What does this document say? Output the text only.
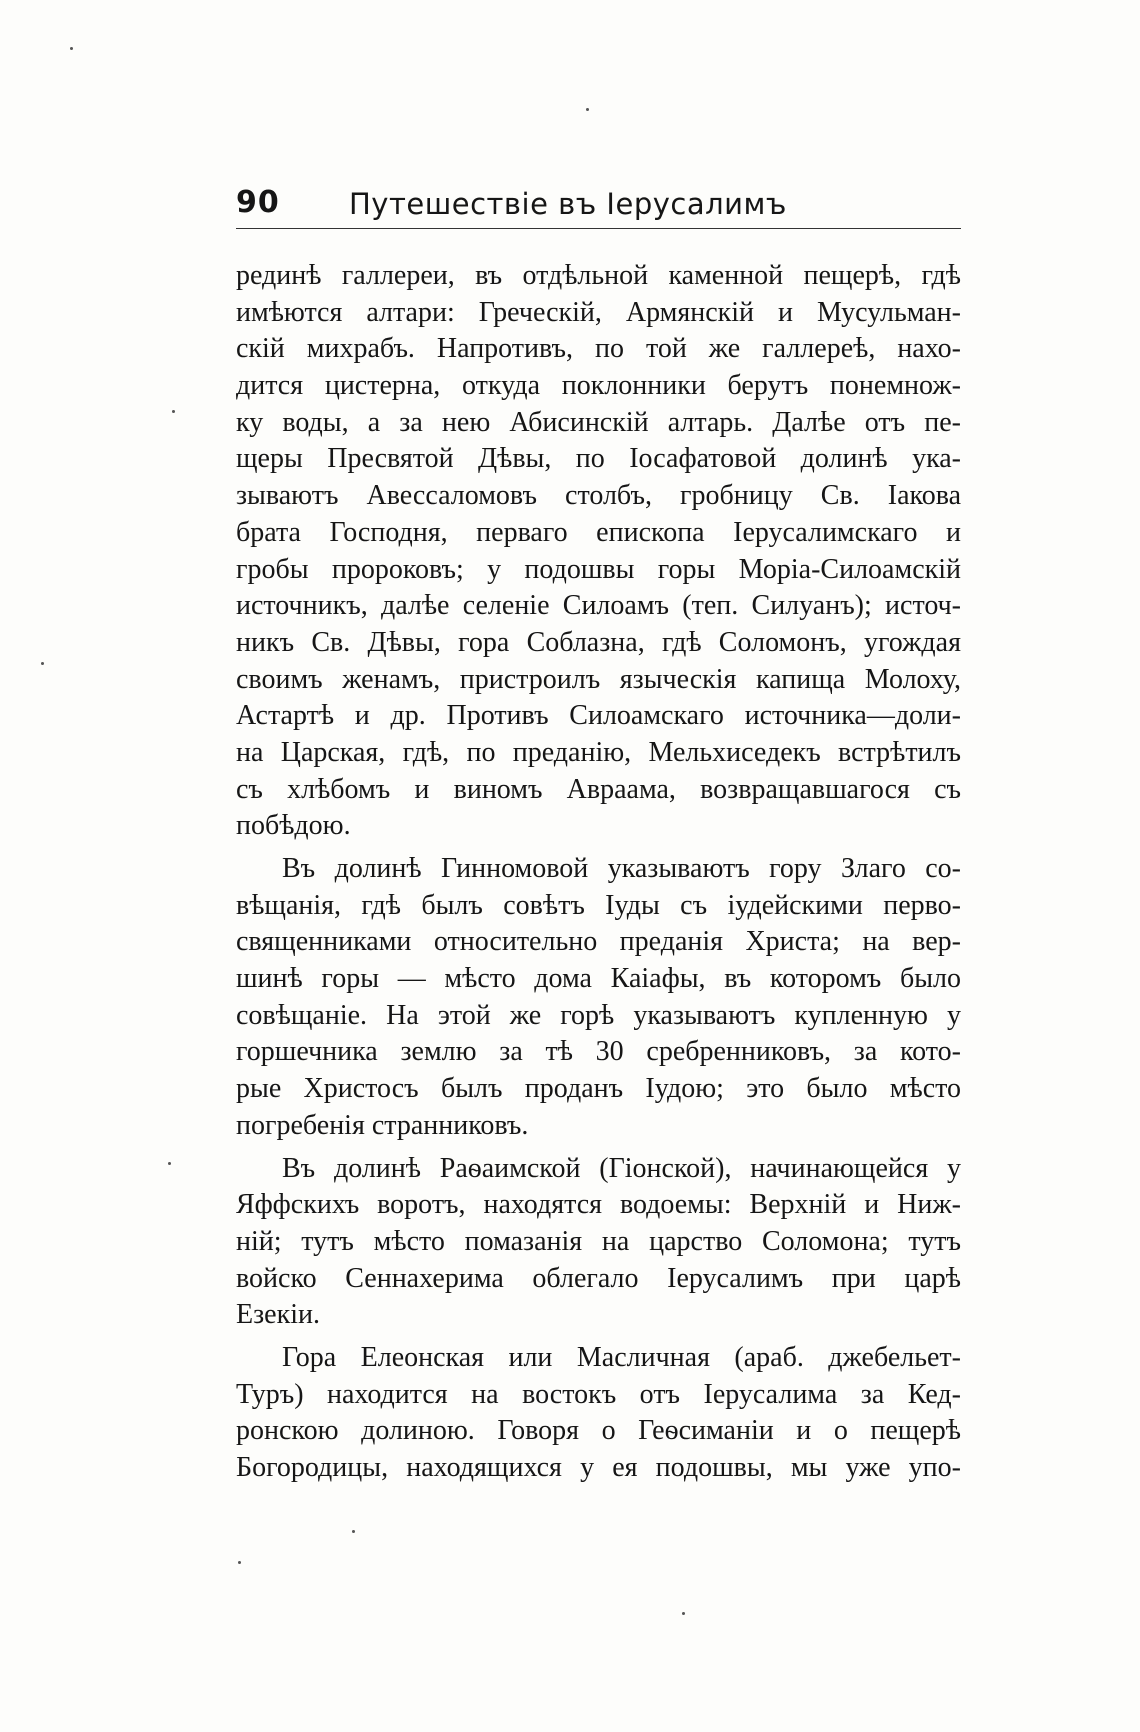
90 Путешествіе въ Іерусалимъ
рединѣ галлереи, въ отдѣльной каменной пещерѣ, гдѣ
имѣются алтари: Греческій, Армянскій и Мусульман-
скій михрабъ. Напротивъ, по той же галлереѣ, нахо-
дится цистерна, откуда поклонники берутъ понемнож-
ку воды, а за нею Абисинскій алтарь. Далѣе отъ пе-
щеры Пресвятой Дѣвы, по Іосафатовой долинѣ ука-
зываютъ Авессаломовъ столбъ, гробницу Св. Іакова
брата Господня, перваго епископа Іерусалимскаго и
гробы пророковъ; у подошвы горы Моріа-Силоамскій
источникъ, далѣе селеніе Силоамъ (теп. Силуанъ); источ-
никъ Св. Дѣвы, гора Соблазна, гдѣ Соломонъ, угождая
своимъ женамъ, пристроилъ языческія капища Молоху,
Астартѣ и др. Противъ Силоамскаго источника—доли-
на Царская, гдѣ, по преданію, Мельхиседекъ встрѣтилъ
съ хлѣбомъ и виномъ Авраама, возвращавшагося съ
побѣдою.
Въ долинѣ Гинномовой указываютъ гору Злаго со-
вѣщанія, гдѣ былъ совѣтъ Іуды съ іудейскими перво-
священниками относительно преданія Христа; на вер-
шинѣ горы — мѣсто дома Каіафы, въ которомъ было
совѣщаніе. На этой же горѣ указываютъ купленную у
горшечника землю за тѣ 30 сребренниковъ, за кото-
рые Христосъ былъ проданъ Іудою; это было мѣсто
погребенія странниковъ.
Въ долинѣ Раѳаимской (Гіонской), начинающейся у
Яффскихъ воротъ, находятся водоемы: Верхній и Ниж-
ній; тутъ мѣсто помазанія на царство Соломона; тутъ
войско Сеннахерима облегало Іерусалимъ при царѣ
Езекіи.
Гора Елеонская или Масличная (араб. джебельет-
Туръ) находится на востокъ отъ Іерусалима за Кед-
ронскою долиною. Говоря о Геѳсиманіи и о пещерѣ
Богородицы, находящихся у ея подошвы, мы уже упо-
